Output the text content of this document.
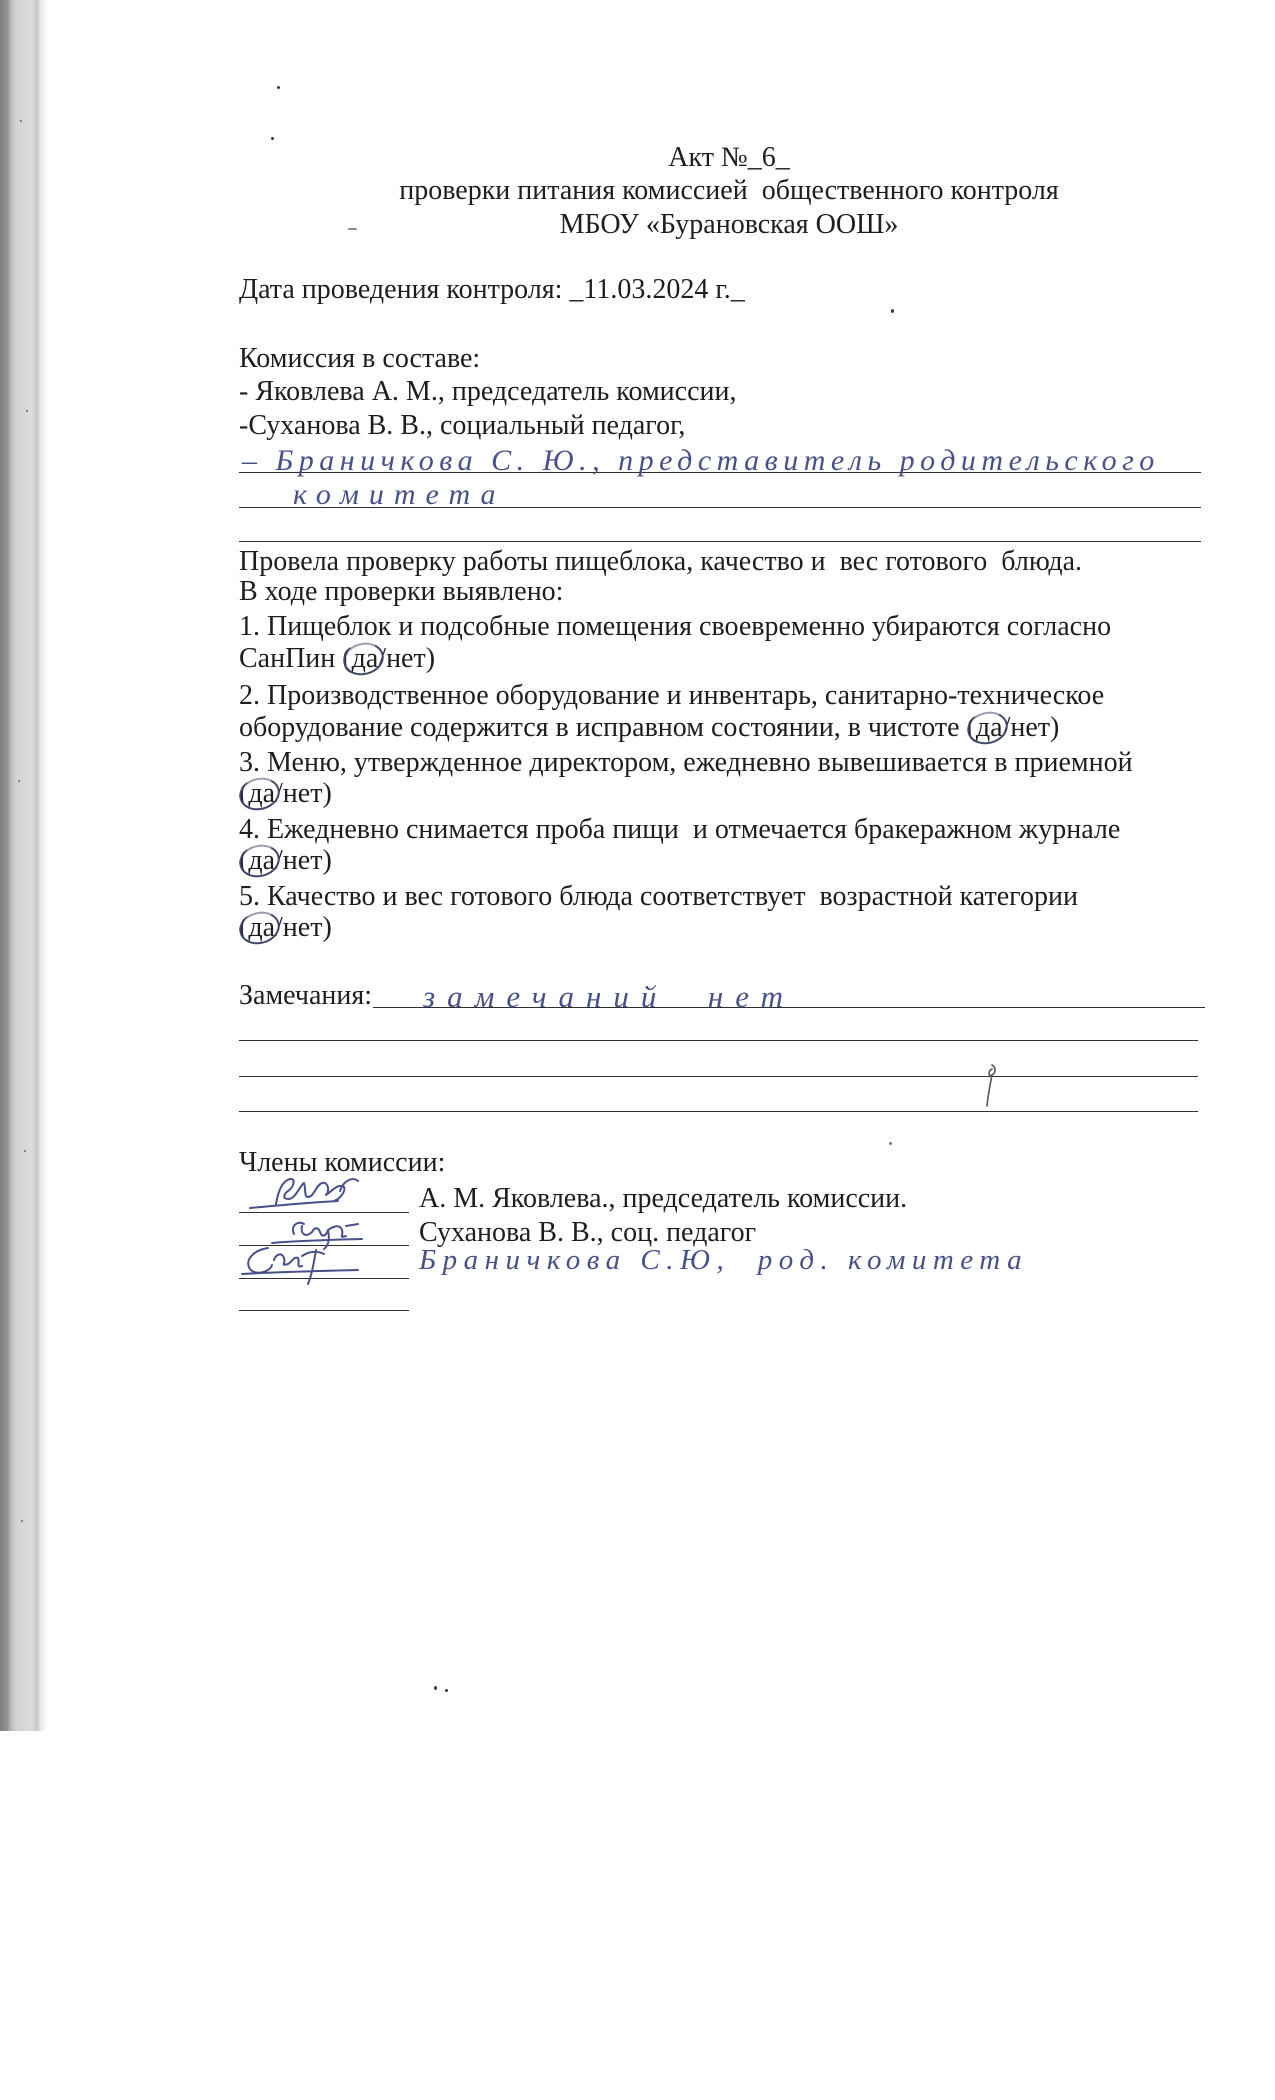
Акт №_6_
проверки питания комиссией  общественного контроля
МБОУ «Бурановская ООШ»
Дата проведения контроля: _11.03.2024 г._
Комиссия в составе:
- Яковлева А. М., председатель комиссии,
-Суханова В. В., социальный педагог,
– Браничкова С. Ю., представитель родительского
комитета
Провела проверку работы пищеблока, качество и  вес готового  блюда.
В ходе проверки выявлено:
1. Пищеблок и подсобные помещения своевременно убираются согласно
СанПин (да
/нет)
2. Производственное оборудование и инвентарь, санитарно-техническое
оборудование содержится в исправном состоянии, в чистоте (да
/нет)
3. Меню, утвержденное директором, ежедневно вывешивается в приемной
(да
/нет)
4. Ежедневно снимается проба пищи  и отмечается бракеражном журнале
(да
/нет)
5. Качество и вес готового блюда соответствует  возрастной категории
(да
/нет)
Замечания: замечаний  нет
Члены комиссии:
А. М. Яковлева., председатель комиссии.
Суханова В. В., соц. педагог
Браничкова С.Ю,  род. комитета
